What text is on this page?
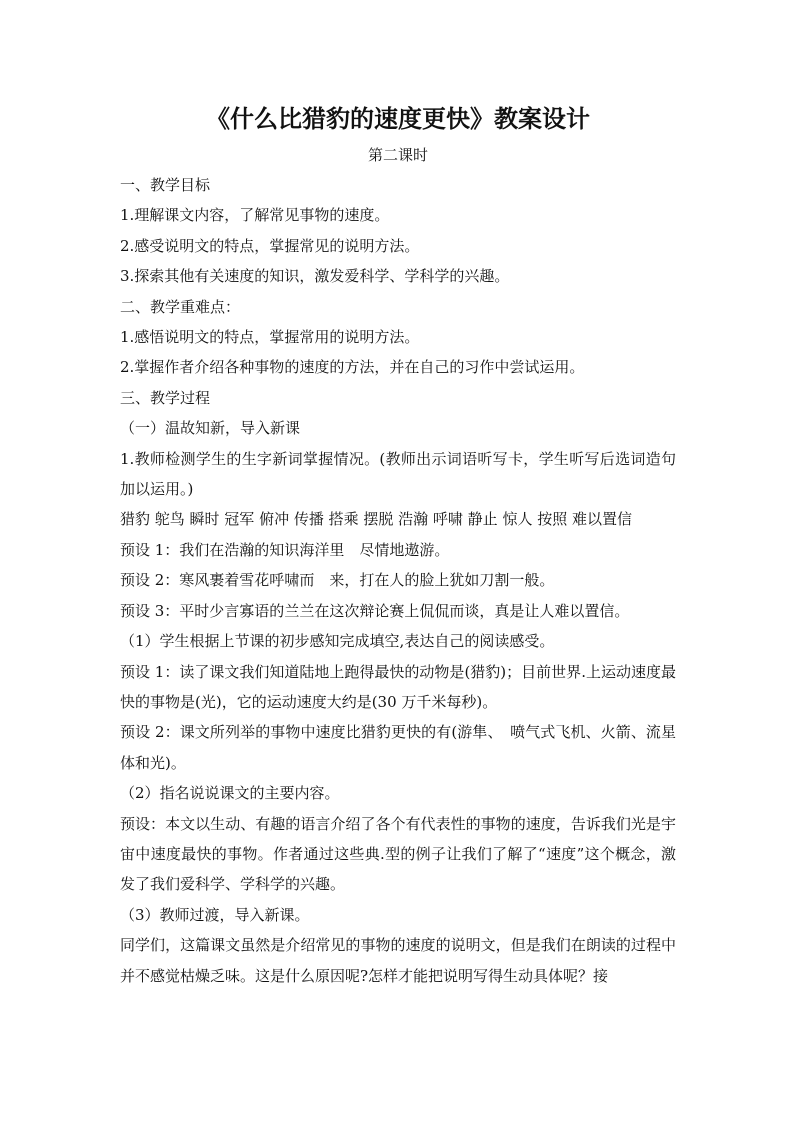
《什么比猎豹的速度更快》教案设计
第二课时

一、教学目标

1.理解课文内容，了解常见事物的速度。

2.感受说明文的特点，掌握常见的说明方法。

3.探索其他有关速度的知识，激发爱科学、学科学的兴趣。

二、教学重难点：

1.感悟说明文的特点，掌握常用的说明方法。

2.掌握作者介绍各种事物的速度的方法，并在自己的习作中尝试运用。

三、教学过程

（一）温故知新，导入新课

1.教师检测学生的生字新词掌握情况。(教师出示词语听写卡，学生听写后选词造句加以运用。)

猎豹 鸵鸟 瞬时 冠军 俯冲 传播 搭乘 摆脱 浩瀚 呼啸 静止 惊人 按照 难以置信

预设 1：我们在浩瀚的知识海洋里　尽情地遨游。

预设 2：寒风裹着雪花呼啸而　来，打在人的脸上犹如刀割一般。

预设 3：平时少言寡语的兰兰在这次辩论赛上侃侃而谈，真是让人难以置信。

（1）学生根据上节课的初步感知完成填空,表达自己的阅读感受。

预设 1：读了课文我们知道陆地上跑得最快的动物是(猎豹)；目前世界.上运动速度最快的事物是(光)，它的运动速度大约是(30 万千米每秒)。

预设 2：课文所列举的事物中速度比猎豹更快的有(游隼、　喷气式飞机、火箭、流星体和光)。

（2）指名说说课文的主要内容。

预设：本文以生动、有趣的语言介绍了各个有代表性的事物的速度，告诉我们光是宇宙中速度最快的事物。作者通过这些典.型的例子让我们了解了“速度”这个概念，激发了我们爱科学、学科学的兴趣。

（3）教师过渡，导入新课。

同学们，这篇课文虽然是介绍常见的事物的速度的说明文，但是我们在朗读的过程中并不感觉枯燥乏味。这是什么原因呢?怎样才能把说明写得生动具体呢？接
